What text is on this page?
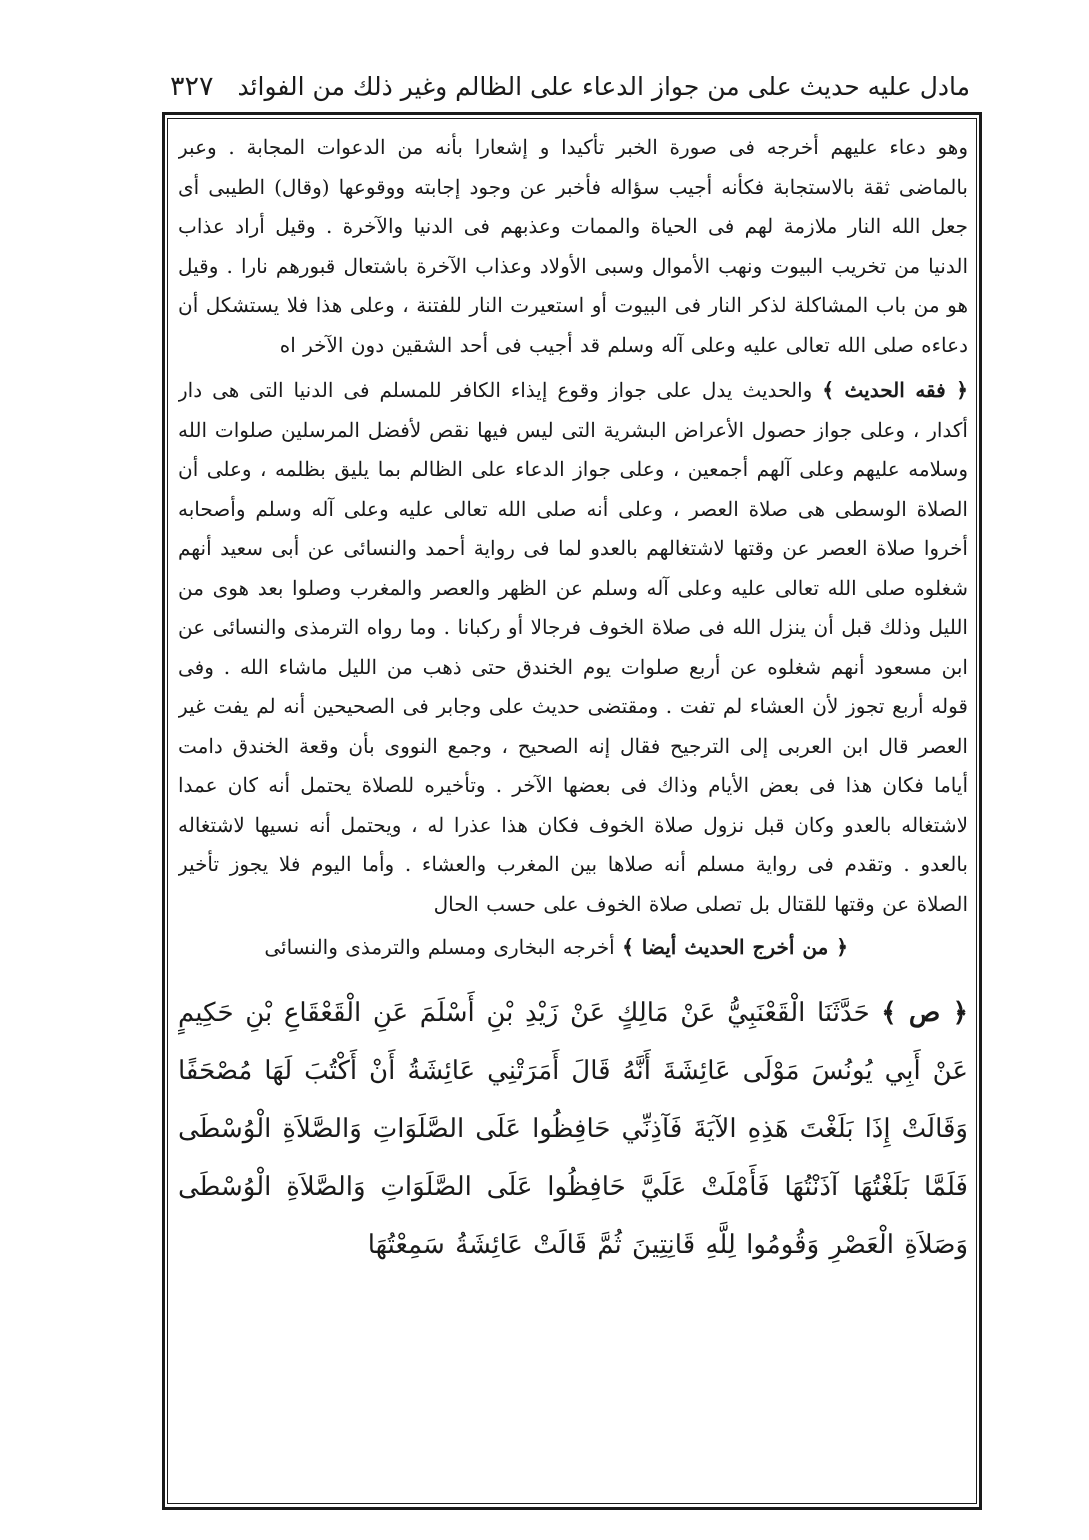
مادل عليه حديث على من جواز الدعاء على الظالم وغير ذلك من الفوائد
٣٢٧

وهو دعاء عليهم أخرجه فى صورة الخبر تأكيدا و إشعارا بأنه من الدعوات المجابة . وعبر بالماضى ثقة بالاستجابة فكأنه أجيب سؤاله فأخبر عن وجود إجابته ووقوعها (وقال) الطيبى أى جعل الله النار ملازمة لهم فى الحياة والممات وعذبهم فى الدنيا والآخرة . وقيل أراد عذاب الدنيا من تخريب البيوت ونهب الأموال وسبى الأولاد وعذاب الآخرة باشتعال قبورهم نارا . وقيل هو من باب المشاكلة لذكر النار فى البيوت أو استعيرت النار للفتنة ، وعلى هذا فلا يستشكل أن دعاءه صلى الله تعالى عليه وعلى آله وسلم قد أجيب فى أحد الشقين دون الآخر اه

﴿ فقه الحديث ﴾ والحديث يدل على جواز وقوع إيذاء الكافر للمسلم فى الدنيا التى هى دار أكدار ، وعلى جواز حصول الأعراض البشرية التى ليس فيها نقص لأفضل المرسلين صلوات الله وسلامه عليهم وعلى آلهم أجمعين ، وعلى جواز الدعاء على الظالم بما يليق بظلمه ، وعلى أن الصلاة الوسطى هى صلاة العصر ، وعلى أنه صلى الله تعالى عليه وعلى آله وسلم وأصحابه أخروا صلاة العصر عن وقتها لاشتغالهم بالعدو لما فى رواية أحمد والنسائى عن أبى سعيد أنهم شغلوه صلى الله تعالى عليه وعلى آله وسلم عن الظهر والعصر والمغرب وصلوا بعد هوى من الليل وذلك قبل أن ينزل الله فى صلاة الخوف فرجالا أو ركبانا . وما رواه الترمذى والنسائى عن ابن مسعود أنهم شغلوه عن أربع صلوات يوم الخندق حتى ذهب من الليل ماشاء الله . وفى قوله أربع تجوز لأن العشاء لم تفت . ومقتضى حديث على وجابر فى الصحيحين أنه لم يفت غير العصر قال ابن العربى إلى الترجيح فقال إنه الصحيح ، وجمع النووى بأن وقعة الخندق دامت أياما فكان هذا فى بعض الأيام وذاك فى بعضها الآخر . وتأخيره للصلاة يحتمل أنه كان عمدا لاشتغاله بالعدو وكان قبل نزول صلاة الخوف فكان هذا عذرا له ، ويحتمل أنه نسيها لاشتغاله بالعدو . وتقدم فى رواية مسلم أنه صلاها بين المغرب والعشاء . وأما اليوم فلا يجوز تأخير الصلاة عن وقتها للقتال بل تصلى صلاة الخوف على حسب الحال

﴿ من أخرج الحديث أيضا ﴾ أخرجه البخارى ومسلم والترمذى والنسائى

﴿ ص ﴾ حَدَّثَنَا الْقَعْنَبِيُّ عَنْ مَالِكٍ عَنْ زَيْدِ بْنِ أَسْلَمَ عَنِ الْقَعْقَاعِ بْنِ حَكِيمٍ عَنْ أَبِي يُونُسَ مَوْلَى عَائِشَةَ أَنَّهُ قَالَ أَمَرَتْنِي عَائِشَةُ أَنْ أَكْتُبَ لَهَا مُصْحَفًا وَقَالَتْ إِذَا بَلَغْتَ هَذِهِ الآيَةَ فَآذِنِّي حَافِظُوا عَلَى الصَّلَوَاتِ وَالصَّلاَةِ الْوُسْطَى فَلَمَّا بَلَغْتُهَا آذَنْتُهَا فَأَمْلَتْ عَلَيَّ حَافِظُوا عَلَى الصَّلَوَاتِ وَالصَّلاَةِ الْوُسْطَى وَصَلاَةِ الْعَصْرِ وَقُومُوا لِلَّهِ قَانِتِينَ ثُمَّ قَالَتْ عَائِشَةُ سَمِعْتُهَا
